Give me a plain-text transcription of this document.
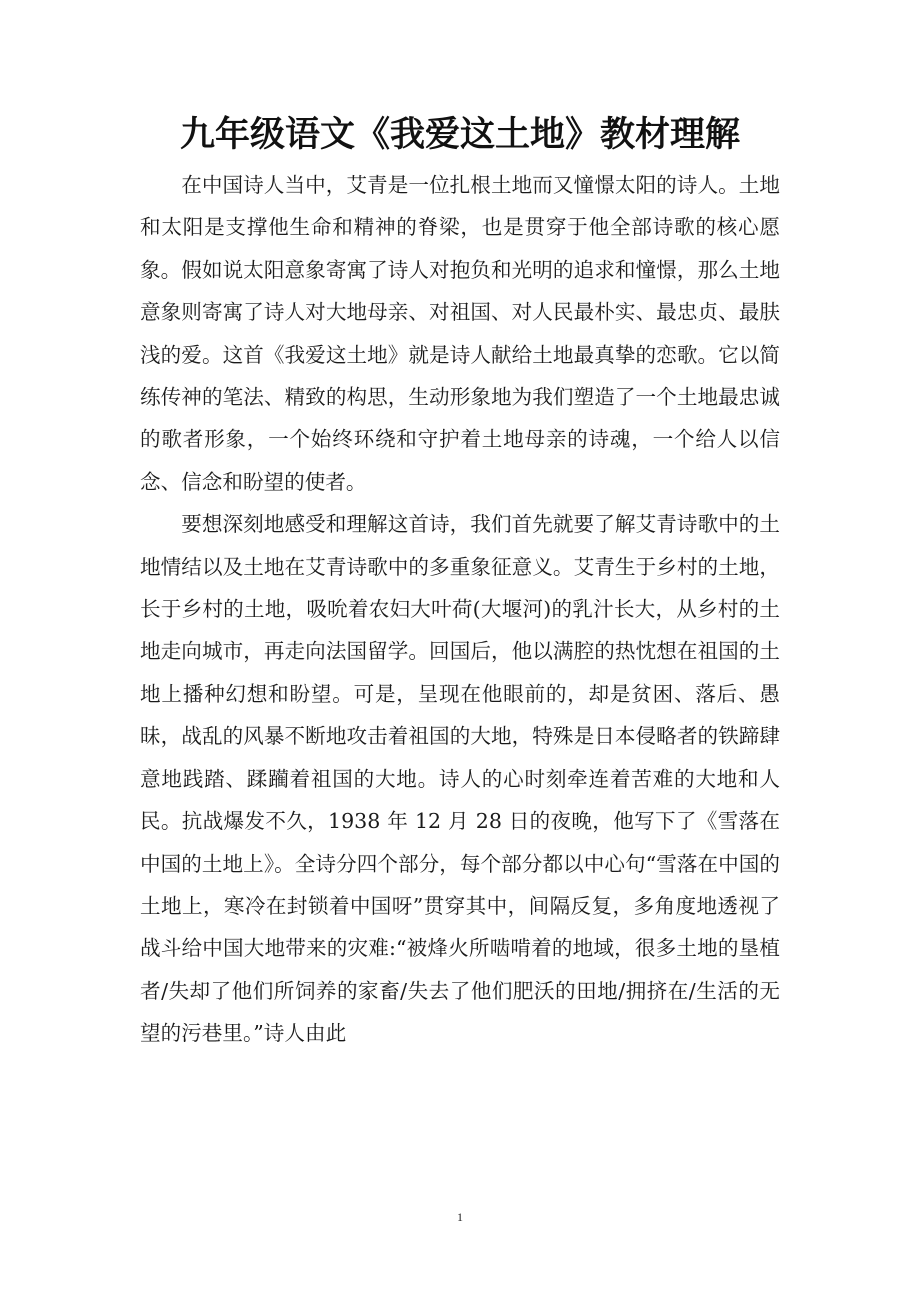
九年级语文《我爱这土地》教材理解

在中国诗人当中，艾青是一位扎根土地而又憧憬太阳的诗人。土地和太阳是支撑他生命和精神的脊梁，也是贯穿于他全部诗歌的核心愿象。假如说太阳意象寄寓了诗人对抱负和光明的追求和憧憬，那么土地意象则寄寓了诗人对大地母亲、对祖国、对人民最朴实、最忠贞、最肤浅的爱。这首《我爱这土地》就是诗人献给土地最真挚的恋歌。它以简练传神的笔法、精致的构思，生动形象地为我们塑造了一个土地最忠诚的歌者形象，一个始终环绕和守护着土地母亲的诗魂，一个给人以信念、信念和盼望的使者。

要想深刻地感受和理解这首诗，我们首先就要了解艾青诗歌中的土地情结以及土地在艾青诗歌中的多重象征意义。艾青生于乡村的土地，长于乡村的土地，吸吮着农妇大叶荷(大堰河)的乳汁长大，从乡村的土地走向城市，再走向法国留学。回国后，他以满腔的热忱想在祖国的土地上播种幻想和盼望。可是，呈现在他眼前的，却是贫困、落后、愚昧，战乱的风暴不断地攻击着祖国的大地，特殊是日本侵略者的铁蹄肆意地践踏、蹂躏着祖国的大地。诗人的心时刻牵连着苦难的大地和人民。抗战爆发不久，1938 年 12 月 28 日的夜晚，他写下了《雪落在中国的土地上》。全诗分四个部分，每个部分都以中心句“雪落在中国的土地上，寒冷在封锁着中国呀”贯穿其中，间隔反复，多角度地透视了战斗给中国大地带来的灾难:“被烽火所啮啃着的地域，很多土地的垦植者/失却了他们所饲养的家畜/失去了他们肥沃的田地/拥挤在/生活的无望的污巷里。”诗人由此

1
